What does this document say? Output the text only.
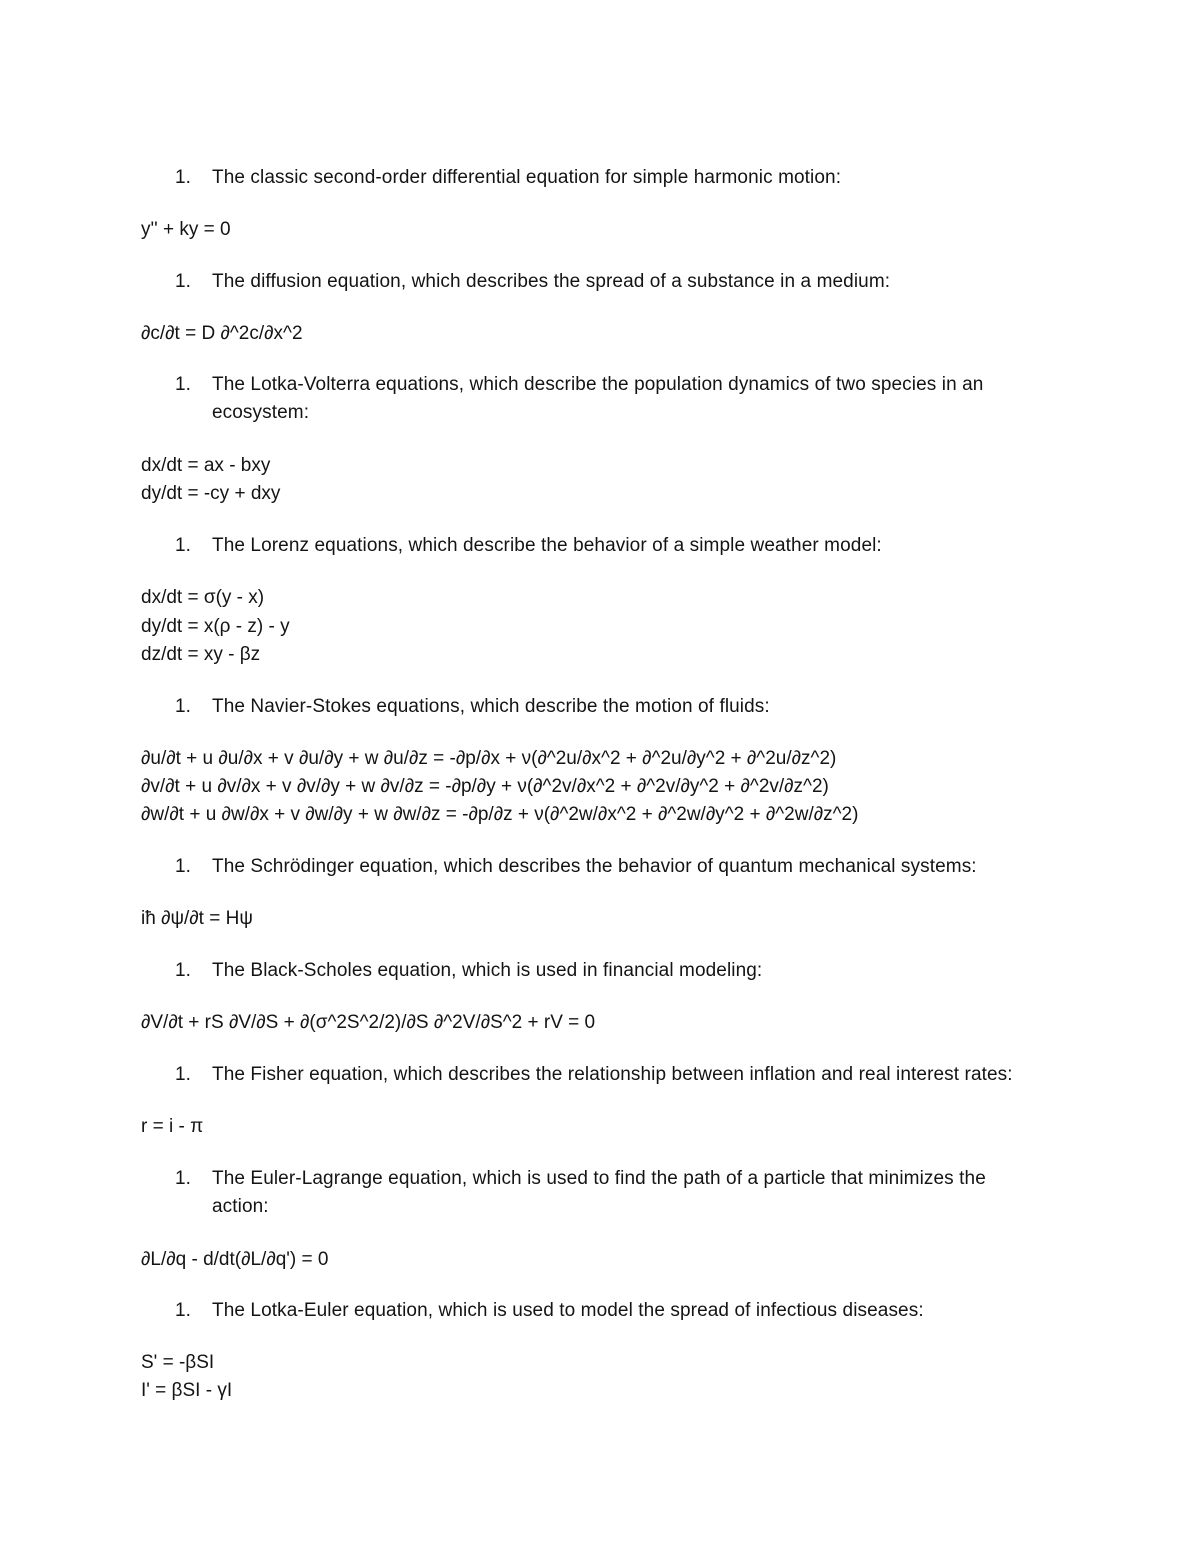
1. The classic second-order differential equation for simple harmonic motion:
y'' + ky = 0
1. The diffusion equation, which describes the spread of a substance in a medium:
∂c/∂t = D ∂^2c/∂x^2
1. The Lotka-Volterra equations, which describe the population dynamics of two species in an ecosystem:
dx/dt = ax - bxy
dy/dt = -cy + dxy
1. The Lorenz equations, which describe the behavior of a simple weather model:
dx/dt = σ(y - x)
dy/dt = x(ρ - z) - y
dz/dt = xy - βz
1. The Navier-Stokes equations, which describe the motion of fluids:
∂u/∂t + u ∂u/∂x + v ∂u/∂y + w ∂u/∂z = -∂p/∂x + ν(∂^2u/∂x^2 + ∂^2u/∂y^2 + ∂^2u/∂z^2)
∂v/∂t + u ∂v/∂x + v ∂v/∂y + w ∂v/∂z = -∂p/∂y + ν(∂^2v/∂x^2 + ∂^2v/∂y^2 + ∂^2v/∂z^2)
∂w/∂t + u ∂w/∂x + v ∂w/∂y + w ∂w/∂z = -∂p/∂z + ν(∂^2w/∂x^2 + ∂^2w/∂y^2 + ∂^2w/∂z^2)
1. The Schrödinger equation, which describes the behavior of quantum mechanical systems:
iħ ∂ψ/∂t = Hψ
1. The Black-Scholes equation, which is used in financial modeling:
∂V/∂t + rS ∂V/∂S + ∂(σ^2S^2/2)/∂S ∂^2V/∂S^2 + rV = 0
1. The Fisher equation, which describes the relationship between inflation and real interest rates:
r = i - π
1. The Euler-Lagrange equation, which is used to find the path of a particle that minimizes the action:
∂L/∂q - d/dt(∂L/∂q') = 0
1. The Lotka-Euler equation, which is used to model the spread of infectious diseases:
S' = -βSI
I' = βSI - γI
